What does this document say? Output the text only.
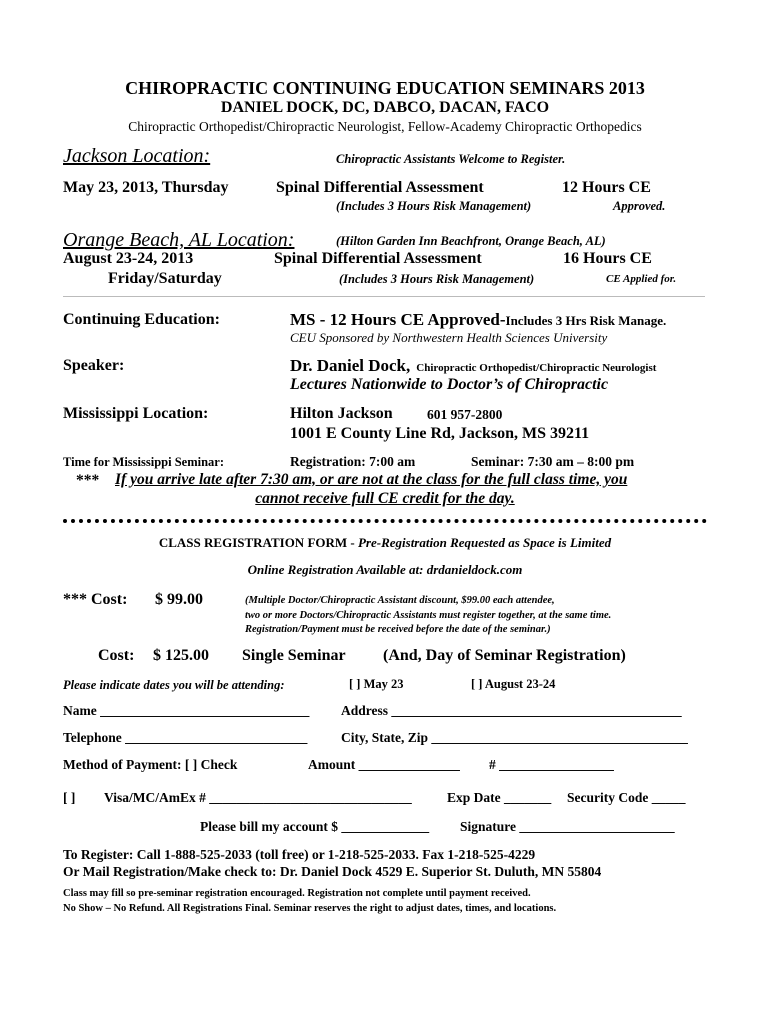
CHIROPRACTIC CONTINUING EDUCATION SEMINARS 2013
DANIEL DOCK, DC, DABCO, DACAN, FACO
Chiropractic Orthopedist/Chiropractic Neurologist, Fellow-Academy Chiropractic Orthopedics
Jackson Location:	Chiropractic Assistants Welcome to Register.
May 23, 2013, Thursday	Spinal Differential Assessment	12 Hours CE
(Includes 3 Hours Risk Management)	Approved.
Orange Beach, AL Location:	(Hilton Garden Inn Beachfront, Orange Beach, AL)
August 23-24, 2013	Spinal Differential Assessment	16 Hours CE
Friday/Saturday	(Includes 3 Hours Risk Management)	CE Applied for.
Continuing Education:	MS - 12 Hours CE Approved-Includes 3 Hrs Risk Manage.
CEU Sponsored by Northwestern Health Sciences University
Speaker:	Dr. Daniel Dock, Chiropractic Orthopedist/Chiropractic Neurologist
Lectures Nationwide to Doctor’s of Chiropractic
Mississippi Location:	Hilton Jackson	601 957-2800
1001 E County Line Rd, Jackson, MS 39211
Time for Mississippi Seminar:	Registration: 7:00 am	Seminar: 7:30 am – 8:00 pm
*** If you arrive late after 7:30 am, or are not at the class for the full class time, you
cannot receive full CE credit for the day.
CLASS REGISTRATION FORM - Pre-Registration Requested as Space is Limited
Online Registration Available at: drdanieldock.com
*** Cost: $ 99.00	(Multiple Doctor/Chiropractic Assistant discount, $99.00 each attendee,
two or more Doctors/Chiropractic Assistants must register together, at the same time.
Registration/Payment must be received before the date of the seminar.)
Cost: $ 125.00 Single Seminar (And, Day of Seminar Registration)
Please indicate dates you will be attending:	[ ] May 23	[ ] August 23-24
Name _______________________________ Address ___________________________________________
Telephone ___________________________ City, State, Zip ______________________________________
Method of Payment: [ ] Check	Amount _______________ # _________________
[ ] Visa/MC/AmEx # ______________________________	Exp Date _______ Security Code _____
Please bill my account $ _____________ Signature _______________________
To Register: Call 1-888-525-2033 (toll free) or 1-218-525-2033. Fax 1-218-525-4229
Or Mail Registration/Make check to: Dr. Daniel Dock 4529 E. Superior St. Duluth, MN 55804
Class may fill so pre-seminar registration encouraged. Registration not complete until payment received.
No Show – No Refund. All Registrations Final. Seminar reserves the right to adjust dates, times, and locations.
